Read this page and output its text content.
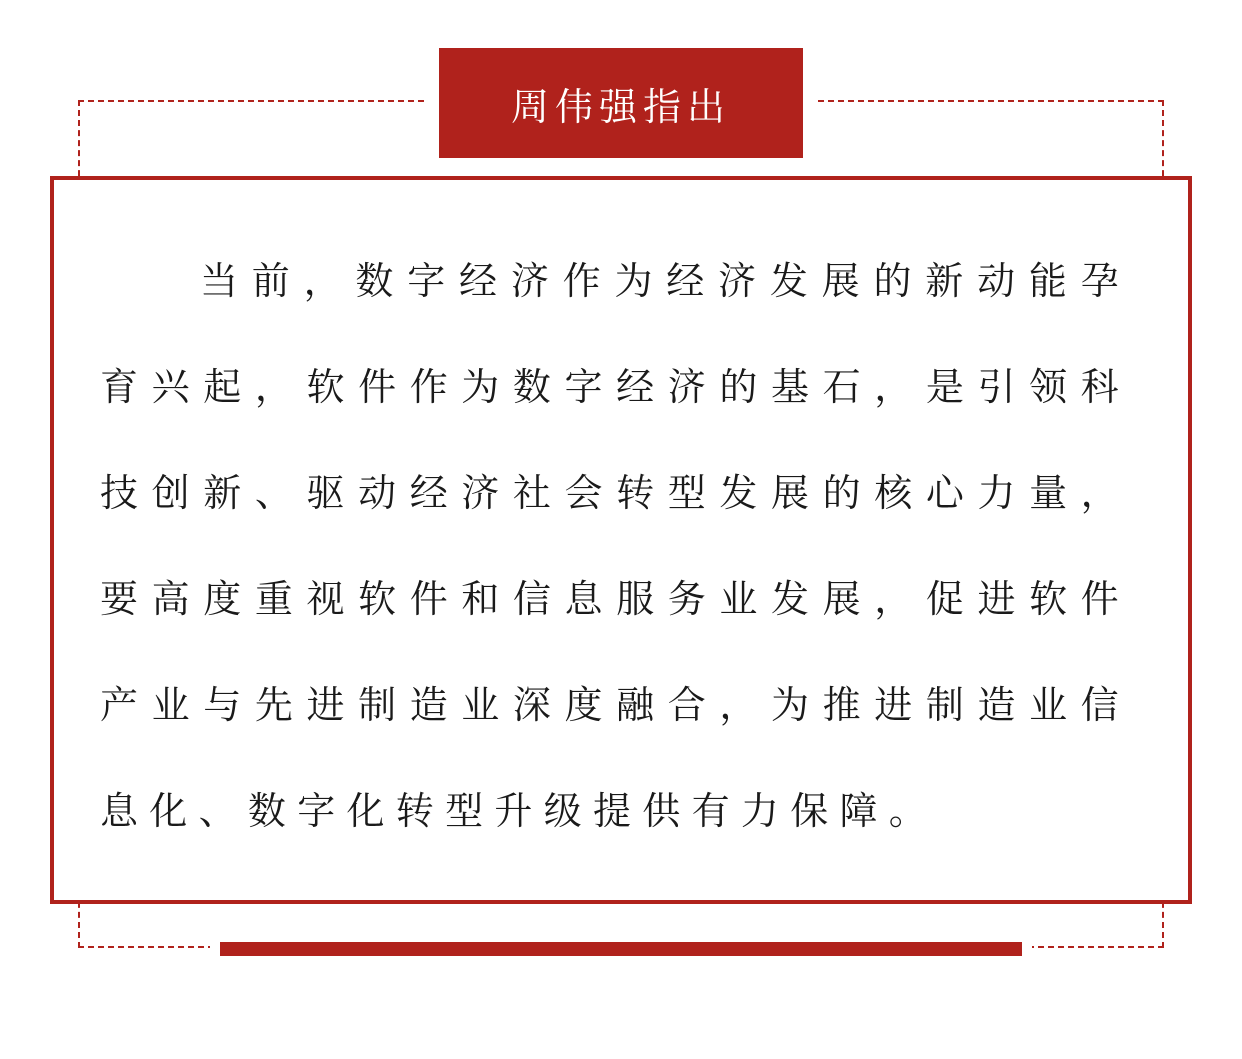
周伟强指出

当前，数字经济作为经济发展的新动能孕育兴起，软件作为数字经济的基石，是引领科技创新、驱动经济社会转型发展的核心力量，要高度重视软件和信息服务业发展，促进软件产业与先进制造业深度融合，为推进制造业信息化、数字化转型升级提供有力保障。
